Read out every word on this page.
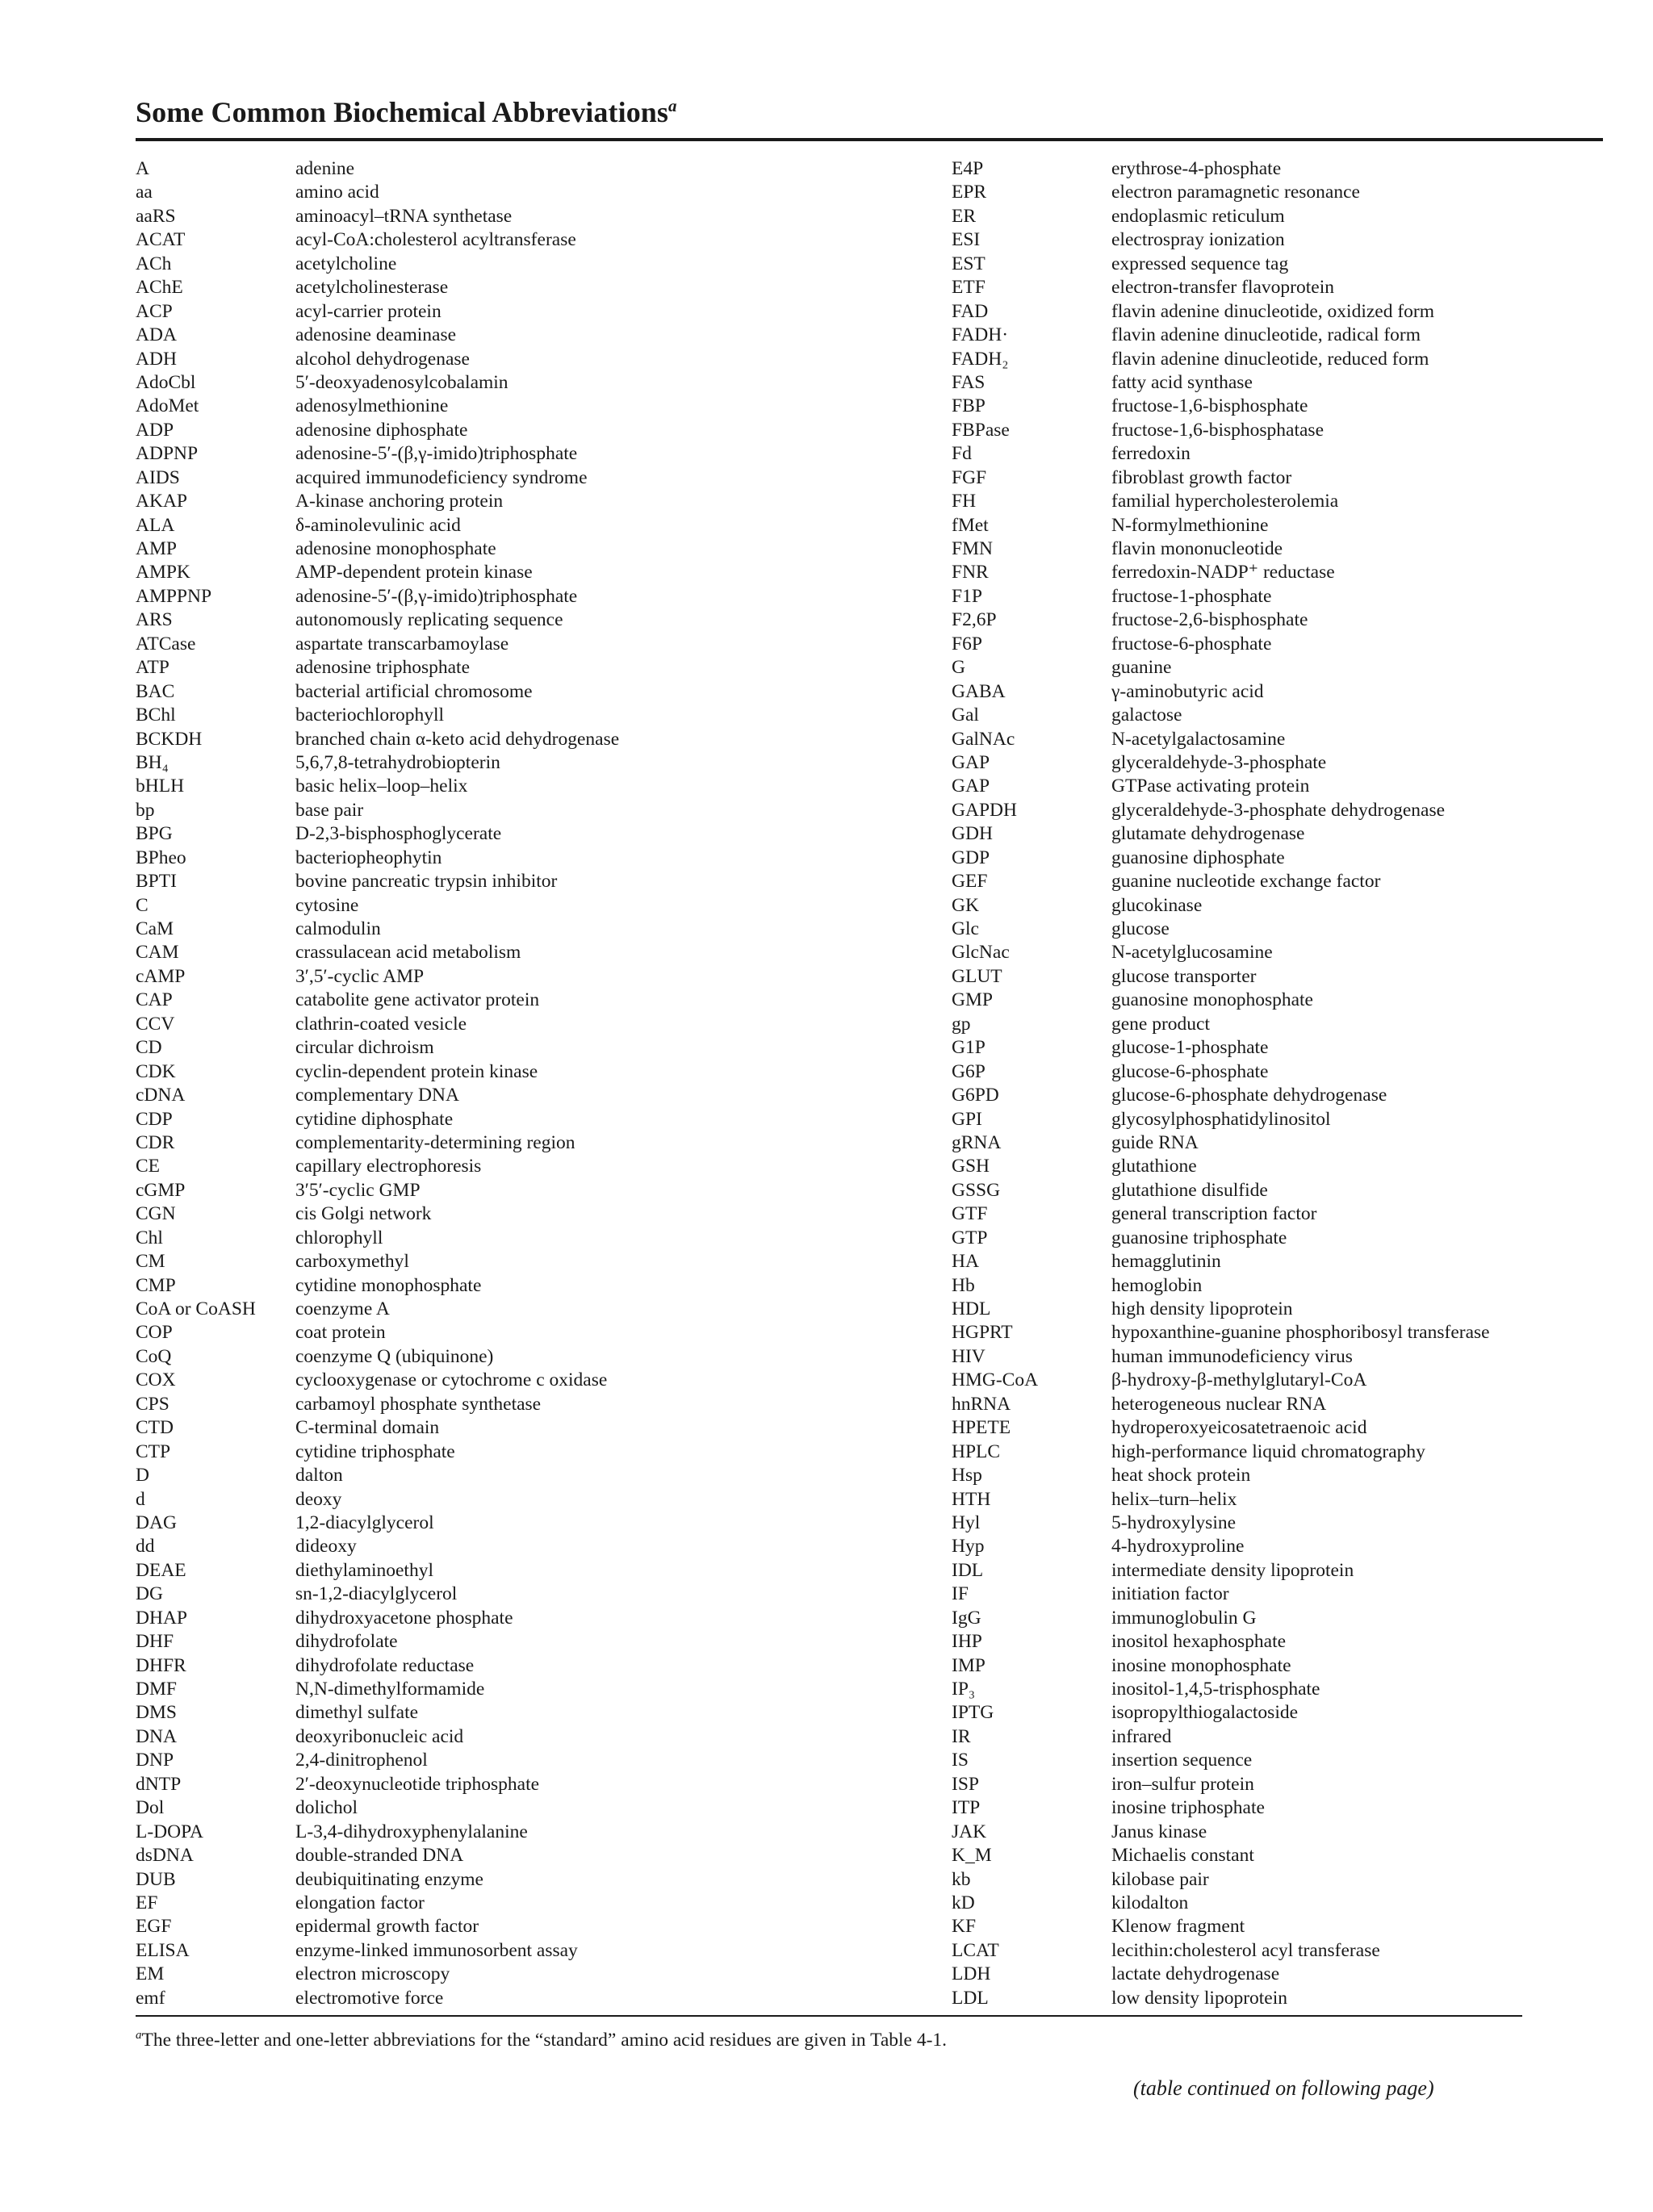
Some Common Biochemical Abbreviations$^a$
A	adenine
aa	amino acid
aaRS	aminoacyl–tRNA synthetase
ACAT	acyl-CoA:cholesterol acyltransferase
ACh	acetylcholine
AChE	acetylcholinesterase
ACP	acyl-carrier protein
ADA	adenosine deaminase
ADH	alcohol dehydrogenase
AdoCbl	5′-deoxyadenosylcobalamin
AdoMet	adenosylmethionine
ADP	adenosine diphosphate
ADPNP	adenosine-5′-(β,γ-imido)triphosphate
AIDS	acquired immunodeficiency syndrome
AKAP	A-kinase anchoring protein
ALA	δ-aminolevulinic acid
AMP	adenosine monophosphate
AMPK	AMP-dependent protein kinase
AMPPNP	adenosine-5′-(β,γ-imido)triphosphate
ARS	autonomously replicating sequence
ATCase	aspartate transcarbamoylase
ATP	adenosine triphosphate
BAC	bacterial artificial chromosome
BChl	bacteriochlorophyll
BCKDH	branched chain α-keto acid dehydrogenase
BH₄	5,6,7,8-tetrahydrobiopterin
bHLH	basic helix–loop–helix
bp	base pair
BPG	D-2,3-bisphosphoglycerate
BPheo	bacteriopheophytin
BPTI	bovine pancreatic trypsin inhibitor
C	cytosine
CaM	calmodulin
CAM	crassulacean acid metabolism
cAMP	3′,5′-cyclic AMP
CAP	catabolite gene activator protein
CCV	clathrin-coated vesicle
CD	circular dichroism
CDK	cyclin-dependent protein kinase
cDNA	complementary DNA
CDP	cytidine diphosphate
CDR	complementarity-determining region
CE	capillary electrophoresis
cGMP	3′5′-cyclic GMP
CGN	cis Golgi network
Chl	chlorophyll
CM	carboxymethyl
CMP	cytidine monophosphate
CoA or CoASH	coenzyme A
COP	coat protein
CoQ	coenzyme Q (ubiquinone)
COX	cyclooxygenase or cytochrome c oxidase
CPS	carbamoyl phosphate synthetase
CTD	C-terminal domain
CTP	cytidine triphosphate
D	dalton
d	deoxy
DAG	1,2-diacylglycerol
dd	dideoxy
DEAE	diethylaminoethyl
DG	sn-1,2-diacylglycerol
DHAP	dihydroxyacetone phosphate
DHF	dihydrofolate
DHFR	dihydrofolate reductase
DMF	N,N-dimethylformamide
DMS	dimethyl sulfate
DNA	deoxyribonucleic acid
DNP	2,4-dinitrophenol
dNTP	2′-deoxynucleotide triphosphate
Dol	dolichol
L-DOPA	L-3,4-dihydroxyphenylalanine
dsDNA	double-stranded DNA
DUB	deubiquitinating enzyme
EF	elongation factor
EGF	epidermal growth factor
ELISA	enzyme-linked immunosorbent assay
EM	electron microscopy
emf	electromotive force
E4P	erythrose-4-phosphate
EPR	electron paramagnetic resonance
ER	endoplasmic reticulum
ESI	electrospray ionization
EST	expressed sequence tag
ETF	electron-transfer flavoprotein
FAD	flavin adenine dinucleotide, oxidized form
FADH·	flavin adenine dinucleotide, radical form
FADH₂	flavin adenine dinucleotide, reduced form
FAS	fatty acid synthase
FBP	fructose-1,6-bisphosphate
FBPase	fructose-1,6-bisphosphatase
Fd	ferredoxin
FGF	fibroblast growth factor
FH	familial hypercholesterolemia
fMet	N-formylmethionine
FMN	flavin mononucleotide
FNR	ferredoxin-NADP⁺ reductase
F1P	fructose-1-phosphate
F2,6P	fructose-2,6-bisphosphate
F6P	fructose-6-phosphate
G	guanine
GABA	γ-aminobutyric acid
Gal	galactose
GalNAc	N-acetylgalactosamine
GAP	glyceraldehyde-3-phosphate
GAP	GTPase activating protein
GAPDH	glyceraldehyde-3-phosphate dehydrogenase
GDH	glutamate dehydrogenase
GDP	guanosine diphosphate
GEF	guanine nucleotide exchange factor
GK	glucokinase
Glc	glucose
GlcNac	N-acetylglucosamine
GLUT	glucose transporter
GMP	guanosine monophosphate
gp	gene product
G1P	glucose-1-phosphate
G6P	glucose-6-phosphate
G6PD	glucose-6-phosphate dehydrogenase
GPI	glycosylphosphatidylinositol
gRNA	guide RNA
GSH	glutathione
GSSG	glutathione disulfide
GTF	general transcription factor
GTP	guanosine triphosphate
HA	hemagglutinin
Hb	hemoglobin
HDL	high density lipoprotein
HGPRT	hypoxanthine-guanine phosphoribosyl transferase
HIV	human immunodeficiency virus
HMG-CoA	β-hydroxy-β-methylglutaryl-CoA
hnRNA	heterogeneous nuclear RNA
HPETE	hydroperoxyeicosatetraenoic acid
HPLC	high-performance liquid chromatography
Hsp	heat shock protein
HTH	helix–turn–helix
Hyl	5-hydroxylysine
Hyp	4-hydroxyproline
IDL	intermediate density lipoprotein
IF	initiation factor
IgG	immunoglobulin G
IHP	inositol hexaphosphate
IMP	inosine monophosphate
IP₃	inositol-1,4,5-trisphosphate
IPTG	isopropylthiogalactoside
IR	infrared
IS	insertion sequence
ISP	iron–sulfur protein
ITP	inosine triphosphate
JAK	Janus kinase
K_M	Michaelis constant
kb	kilobase pair
kD	kilodalton
KF	Klenow fragment
LCAT	lecithin:cholesterol acyl transferase
LDH	lactate dehydrogenase
LDL	low density lipoprotein
$^a$The three-letter and one-letter abbreviations for the “standard” amino acid residues are given in Table 4-1.
(table continued on following page)
